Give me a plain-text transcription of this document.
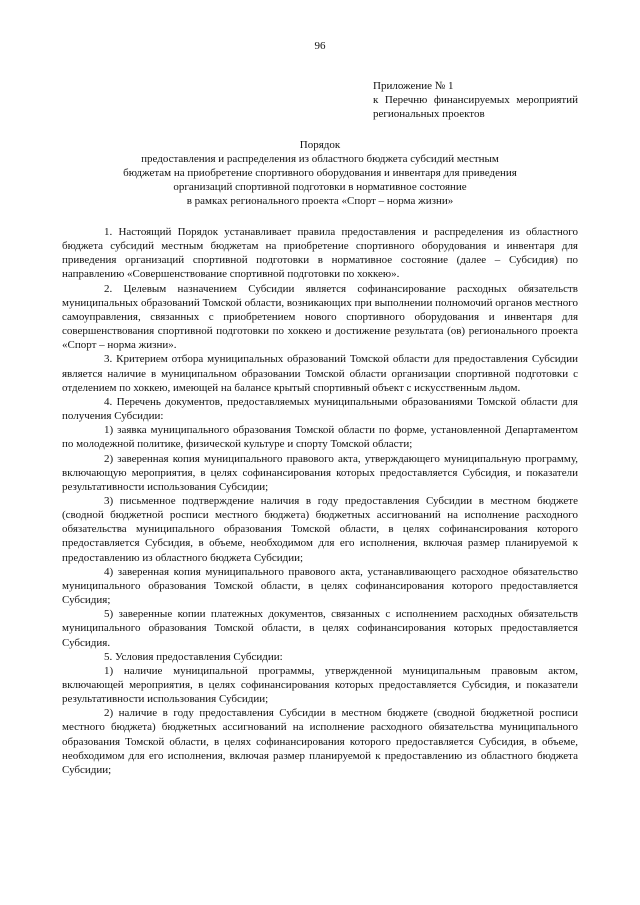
96
Приложение № 1
к Перечню финансируемых мероприятий
региональных проектов
Порядок
предоставления и распределения из областного бюджета субсидий местным
бюджетам на приобретение спортивного оборудования и инвентаря для приведения
организаций спортивной подготовки в нормативное состояние
в рамках регионального проекта «Спорт – норма жизни»

1. Настоящий Порядок устанавливает правила предоставления и распределения из областного бюджета субсидий местным бюджетам на приобретение спортивного оборудования и инвентаря для приведения организаций спортивной подготовки в нормативное состояние (далее – Субсидия) по направлению «Совершенствование спортивной подготовки по хоккею».

2. Целевым назначением Субсидии является софинансирование расходных обязательств муниципальных образований Томской области, возникающих при выполнении полномочий органов местного самоуправления, связанных с приобретением нового спортивного оборудования и инвентаря для совершенствования спортивной подготовки по хоккею и достижение результата (ов) регионального проекта «Спорт – норма жизни».

3. Критерием отбора муниципальных образований Томской области для предоставления Субсидии является наличие в муниципальном образовании Томской области организации спортивной подготовки с отделением по хоккею, имеющей на балансе крытый спортивный объект с искусственным льдом.

4. Перечень документов, предоставляемых муниципальными образованиями Томской области для получения Субсидии:

1) заявка муниципального образования Томской области по форме, установленной Департаментом по молодежной политике, физической культуре и спорту Томской области;

2) заверенная копия муниципального правового акта, утверждающего муниципальную программу, включающую мероприятия, в целях софинансирования которых предоставляется Субсидия, и показатели результативности использования Субсидии;

3) письменное подтверждение наличия в году предоставления Субсидии в местном бюджете (сводной бюджетной росписи местного бюджета) бюджетных ассигнований на исполнение расходного обязательства муниципального образования Томской области, в целях софинансирования которого предоставляется Субсидия, в объеме, необходимом для его исполнения, включая размер планируемой к предоставлению из областного бюджета Субсидии;

4) заверенная копия муниципального правового акта, устанавливающего расходное обязательство муниципального образования Томской области, в целях софинансирования которого предоставляется Субсидия;

5) заверенные копии платежных документов, связанных с исполнением расходных обязательств муниципального образования Томской области, в целях софинансирования которых предоставляется Субсидия.

5. Условия предоставления Субсидии:

1) наличие муниципальной программы, утвержденной муниципальным правовым актом, включающей мероприятия, в целях софинансирования которых предоставляется Субсидия, и показатели результативности использования Субсидии;

2) наличие в году предоставления Субсидии в местном бюджете (сводной бюджетной росписи местного бюджета) бюджетных ассигнований на исполнение расходного обязательства муниципального образования Томской области, в целях софинансирования которого предоставляется Субсидия, в объеме, необходимом для его исполнения, включая размер планируемой к предоставлению из областного бюджета Субсидии;
